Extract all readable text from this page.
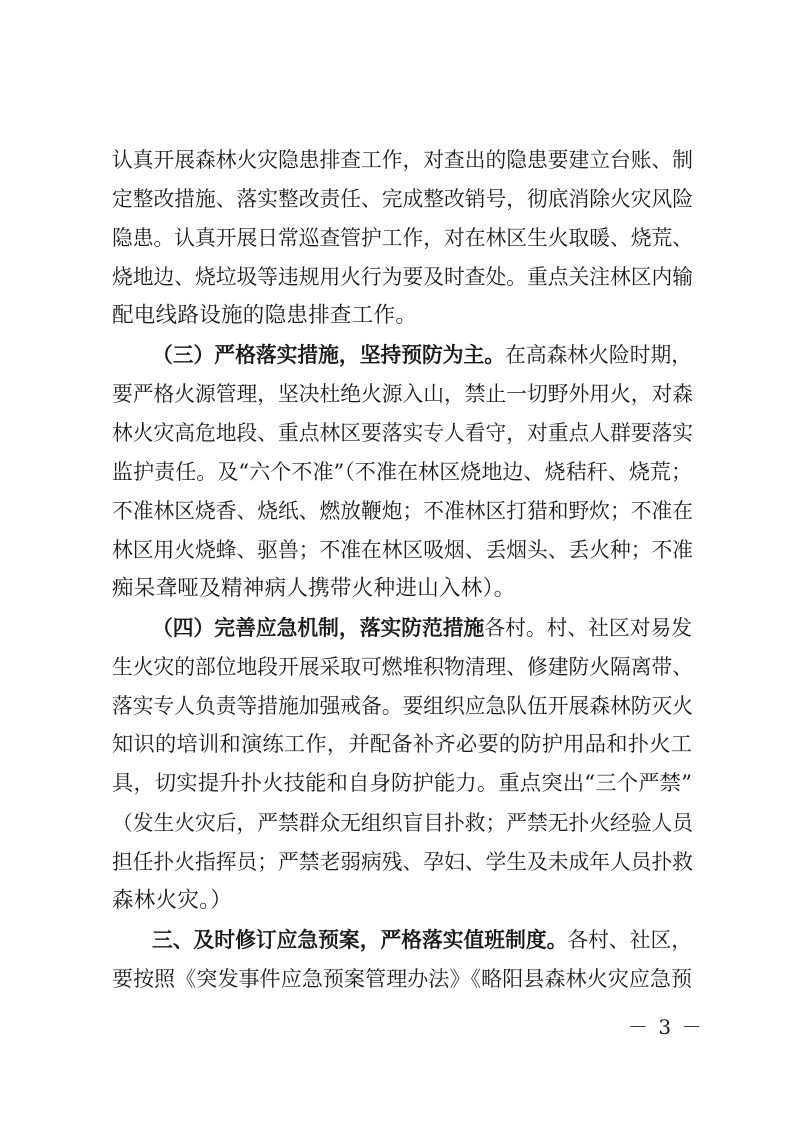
认真开展森林火灾隐患排查工作，对查出的隐患要建立台账、制
定整改措施、落实整改责任、完成整改销号，彻底消除火灾风险
隐患。认真开展日常巡查管护工作，对在林区生火取暖、烧荒、
烧地边、烧垃圾等违规用火行为要及时查处。重点关注林区内输
配电线路设施的隐患排查工作。
（三）严格落实措施，坚持预防为主。在高森林火险时期，
要严格火源管理，坚决杜绝火源入山，禁止一切野外用火，对森
林火灾高危地段、重点林区要落实专人看守，对重点人群要落实
监护责任。及“六个不准”（不准在林区烧地边、烧秸秆、烧荒；
不准林区烧香、烧纸、燃放鞭炮；不准林区打猎和野炊；不准在
林区用火烧蜂、驱兽；不准在林区吸烟、丢烟头、丢火种；不准
痴呆聋哑及精神病人携带火种进山入林）。
（四）完善应急机制，落实防范措施各村。村、社区对易发
生火灾的部位地段开展采取可燃堆积物清理、修建防火隔离带、
落实专人负责等措施加强戒备。要组织应急队伍开展森林防灭火
知识的培训和演练工作，并配备补齐必要的防护用品和扑火工
具，切实提升扑火技能和自身防护能力。重点突出“三个严禁”
（发生火灾后，严禁群众无组织盲目扑救；严禁无扑火经验人员
担任扑火指挥员；严禁老弱病残、孕妇、学生及未成年人员扑救
森林火灾。）
三、及时修订应急预案，严格落实值班制度。各村、社区，
要按照《突发事件应急预案管理办法》《略阳县森林火灾应急预
－ 3 －
